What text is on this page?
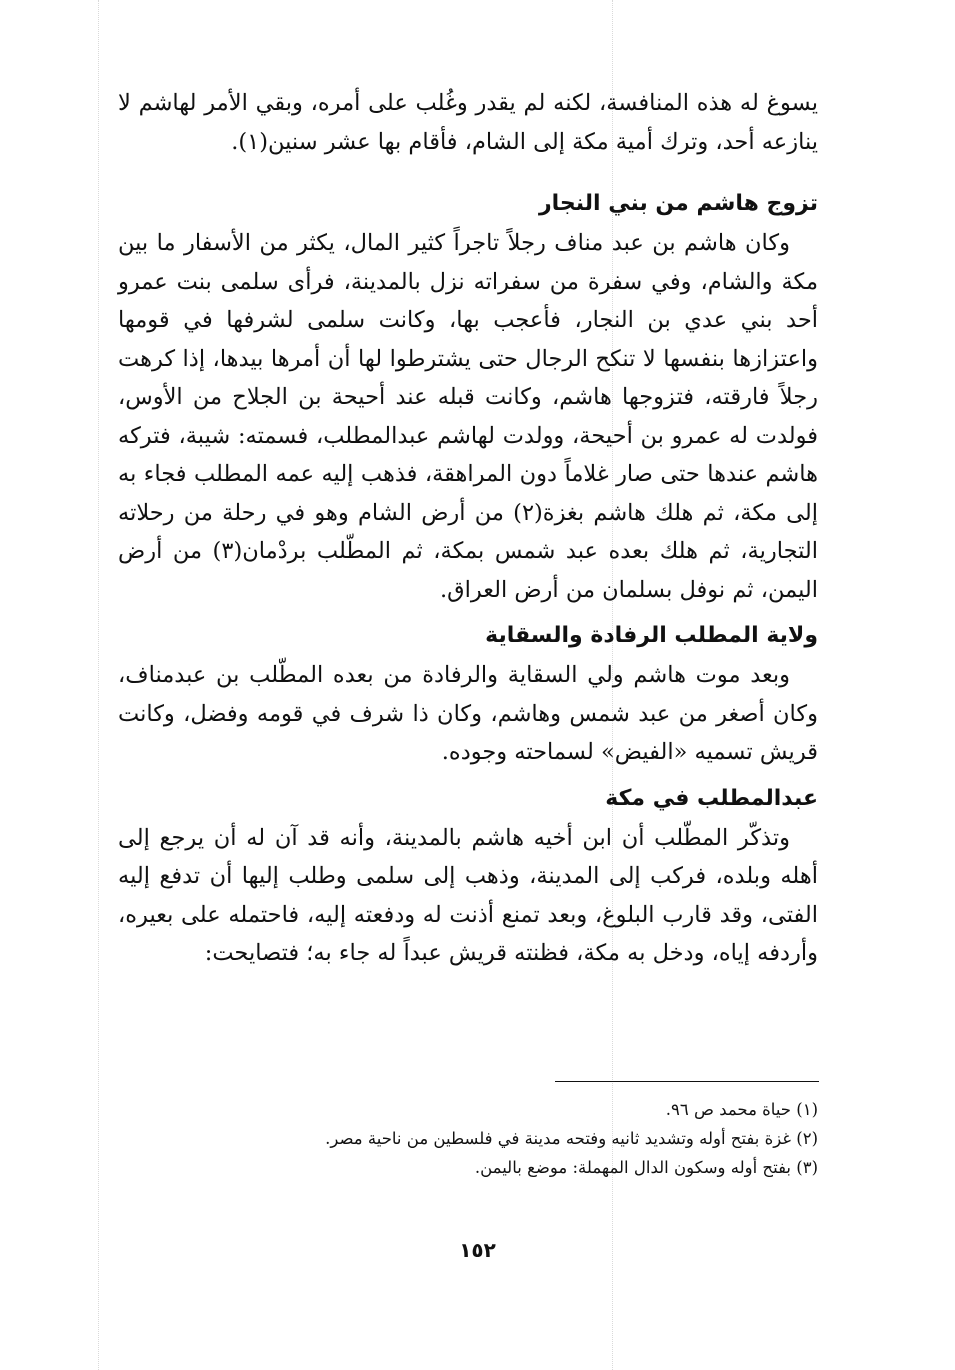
يسوغ له هذه المنافسة، لكنه لم يقدر وغُلب على أمره، وبقي الأمر لهاشم لا ينازعه أحد، وترك أمية مكة إلى الشام، فأقام بها عشر سنين(١).

تزوج هاشم من بني النجار

وكان هاشم بن عبد مناف رجلاً تاجراً كثير المال، يكثر من الأسفار ما بين مكة والشام، وفي سفرة من سفراته نزل بالمدينة، فرأى سلمى بنت عمرو أحد بني عدي بن النجار، فأعجب بها، وكانت سلمى لشرفها في قومها واعتزازها بنفسها لا تنكح الرجال حتى يشترطوا لها أن أمرها بيدها، إذا كرهت رجلاً فارقته، فتزوجها هاشم، وكانت قبله عند أحيحة بن الجلاح من الأوس، فولدت له عمرو بن أحيحة، وولدت لهاشم عبدالمطلب، فسمته: شيبة، فتركه هاشم عندها حتى صار غلاماً دون المراهقة، فذهب إليه عمه المطلب فجاء به إلى مكة، ثم هلك هاشم بغزة(٢) من أرض الشام وهو في رحلة من رحلاته التجارية، ثم هلك بعده عبد شمس بمكة، ثم المطّلب بردْمان(٣) من أرض اليمن، ثم نوفل بسلمان من أرض العراق.

ولاية المطلب الرفادة والسقاية

وبعد موت هاشم ولي السقاية والرفادة من بعده المطّلب بن عبدمناف، وكان أصغر من عبد شمس وهاشم، وكان ذا شرف في قومه وفضل، وكانت قريش تسميه «الفيض» لسماحته وجوده.

عبدالمطلب في مكة

وتذكّر المطّلب أن ابن أخيه هاشم بالمدينة، وأنه قد آن له أن يرجع إلى أهله وبلده، فركب إلى المدينة، وذهب إلى سلمى وطلب إليها أن تدفع إليه الفتى، وقد قارب البلوغ، وبعد تمنع أذنت له ودفعته إليه، فاحتمله على بعيره، وأردفه إياه، ودخل به مكة، فظنته قريش عبداً له جاء به؛ فتصايحت:

(١) حياة محمد ص ٩٦.

(٢) غزة بفتح أوله وتشديد ثانيه وفتحه مدينة في فلسطين من ناحية مصر.

(٣) بفتح أوله وسكون الدال المهملة: موضع باليمن.

١٥٢
